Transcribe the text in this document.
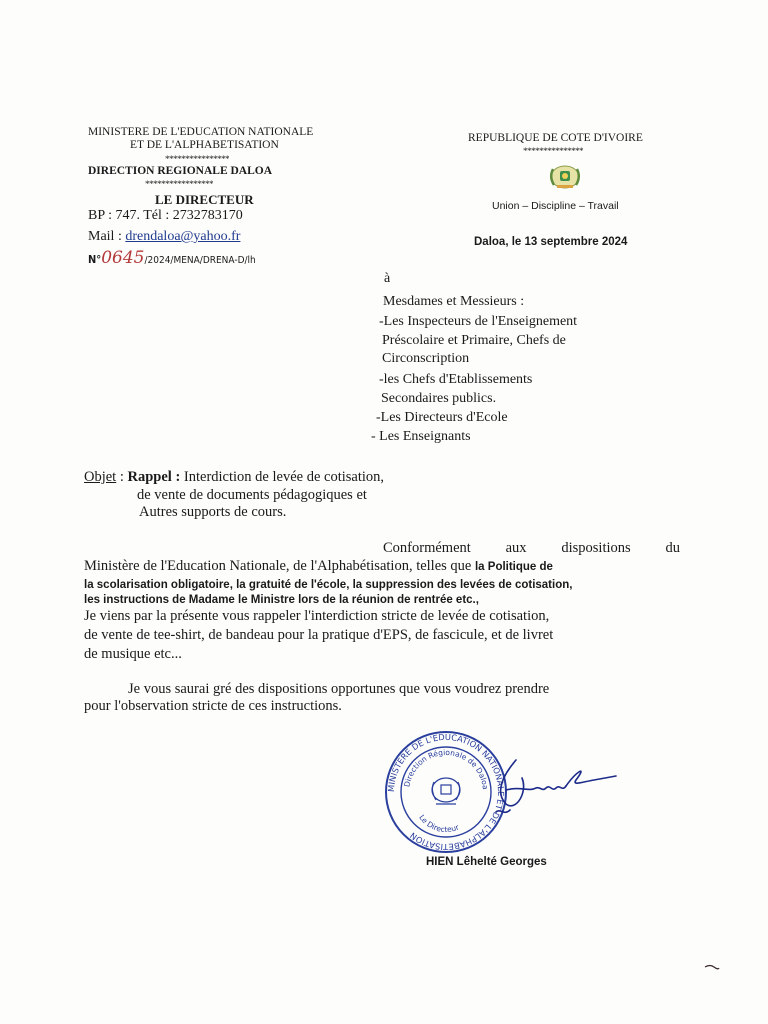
MINISTERE DE L'EDUCATION NATIONALE
ET DE L'ALPHABETISATION
****************
DIRECTION REGIONALE DALOA
*****************
LE DIRECTEUR
BP : 747. Tél : 2732783170
Mail : drendaloa@yahoo.fr
N°0645/2024/MENA/DRENA-D/lh
REPUBLIQUE DE COTE D'IVOIRE
***************
Union – Discipline – Travail
Daloa, le 13 septembre 2024
à
Mesdames et Messieurs :
-Les Inspecteurs de l'Enseignement
Préscolaire et Primaire, Chefs de
Circonscription
-les Chefs d'Etablissements
Secondaires publics.
-Les Directeurs d'Ecole
- Les Enseignants
Objet : Rappel : Interdiction de levée de cotisation,
de vente de documents pédagogiques et
Autres supports de cours.
Conformément aux dispositions du
Ministère de l'Education Nationale, de l'Alphabétisation, telles que la Politique de
la scolarisation obligatoire, la gratuité de l'école, la suppression des levées de cotisation,
les instructions de Madame le Ministre lors de la réunion de rentrée etc.,
Je viens par la présente vous rappeler l'interdiction stricte de levée de cotisation,
de vente de tee-shirt, de bandeau pour la pratique d'EPS, de fascicule, et de livret
de musique etc...
Je vous saurai gré des dispositions opportunes que vous voudrez prendre
pour l'observation stricte de ces instructions.
MINISTERE DE L'EDUCATION NATIONALE ET DE L'ALPHABETISATION
Direction Régionale de Daloa
Le Directeur
HIEN Lêhelté Georges
